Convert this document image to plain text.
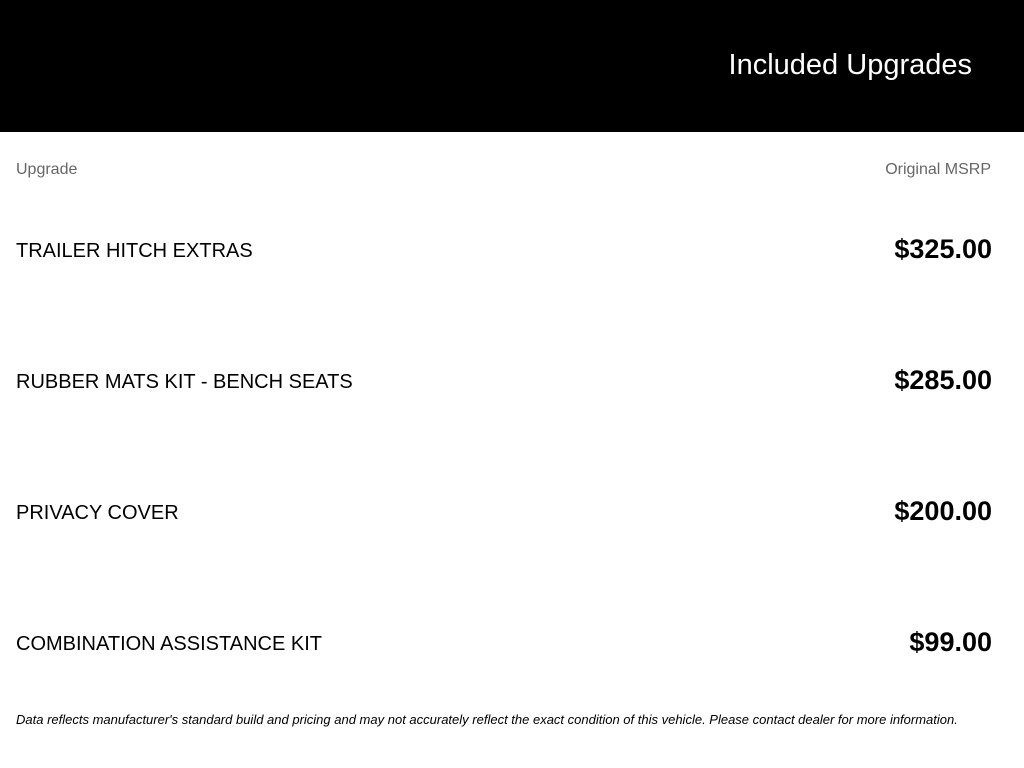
Included Upgrades
Upgrade	Original MSRP
TRAILER HITCH EXTRAS	$325.00
RUBBER MATS KIT - BENCH SEATS	$285.00
PRIVACY COVER	$200.00
COMBINATION ASSISTANCE KIT	$99.00
Data reflects manufacturer's standard build and pricing and may not accurately reflect the exact condition of this vehicle. Please contact dealer for more information.
